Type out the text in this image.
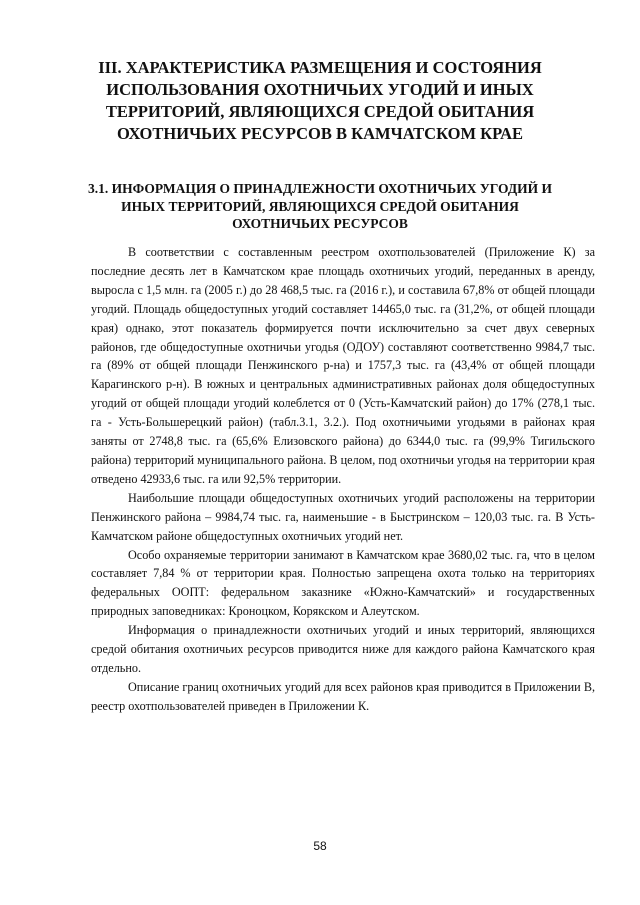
III. ХАРАКТЕРИСТИКА РАЗМЕЩЕНИЯ И СОСТОЯНИЯ ИСПОЛЬЗОВАНИЯ ОХОТНИЧЬИХ УГОДИЙ И ИНЫХ ТЕРРИТОРИЙ, ЯВЛЯЮЩИХСЯ СРЕДОЙ ОБИТАНИЯ ОХОТНИЧЬИХ РЕСУРСОВ В КАМЧАТСКОМ КРАЕ
3.1. ИНФОРМАЦИЯ О ПРИНАДЛЕЖНОСТИ ОХОТНИЧЬИХ УГОДИЙ И ИНЫХ ТЕРРИТОРИЙ, ЯВЛЯЮЩИХСЯ СРЕДОЙ ОБИТАНИЯ ОХОТНИЧЬИХ РЕСУРСОВ

В соответствии с составленным реестром охотпользователей (Приложение К) за последние десять лет в Камчатском крае площадь охотничьих угодий, переданных в аренду, выросла с 1,5 млн. га (2005 г.) до 28 468,5 тыс. га (2016 г.), и составила 67,8% от общей площади угодий. Площадь общедоступных угодий составляет 14465,0 тыс. га (31,2%, от общей площади края) однако, этот показатель формируется почти исключительно за счет двух северных районов, где общедоступные охотничьи угодья (ОДОУ) составляют соответственно 9984,7 тыс. га (89% от общей площади Пенжинского р-на) и 1757,3 тыс. га (43,4% от общей площади Карагинского р-н). В южных и центральных административных районах доля общедоступных угодий от общей площади угодий колеблется от 0 (Усть-Камчатский район) до 17% (278,1 тыс. га - Усть-Большерецкий район) (табл.3.1, 3.2.). Под охотничьими угодьями в районах края заняты от 2748,8 тыс. га (65,6% Елизовского района) до 6344,0 тыс. га (99,9% Тигильского района) территорий муниципального района. В целом, под охотничьи угодья на территории края отведено 42933,6 тыс. га или 92,5% территории.

Наибольшие площади общедоступных охотничьих угодий расположены на территории Пенжинского района – 9984,74 тыс. га, наименьшие - в Быстринском – 120,03 тыс. га. В Усть-Камчатском районе общедоступных охотничьих угодий нет.

Особо охраняемые территории занимают в Камчатском крае 3680,02 тыс. га, что в целом составляет 7,84 % от территории края. Полностью запрещена охота только на территориях федеральных ООПТ: федеральном заказнике «Южно-Камчатский» и государственных природных заповедниках: Кроноцком, Корякском и Алеутском.

Информация о принадлежности охотничьих угодий и иных территорий, являющихся средой обитания охотничьих ресурсов приводится ниже для каждого района Камчатского края отдельно.

Описание границ охотничьих угодий для всех районов края приводится в Приложении В, реестр охотпользователей приведен в Приложении К.

58
